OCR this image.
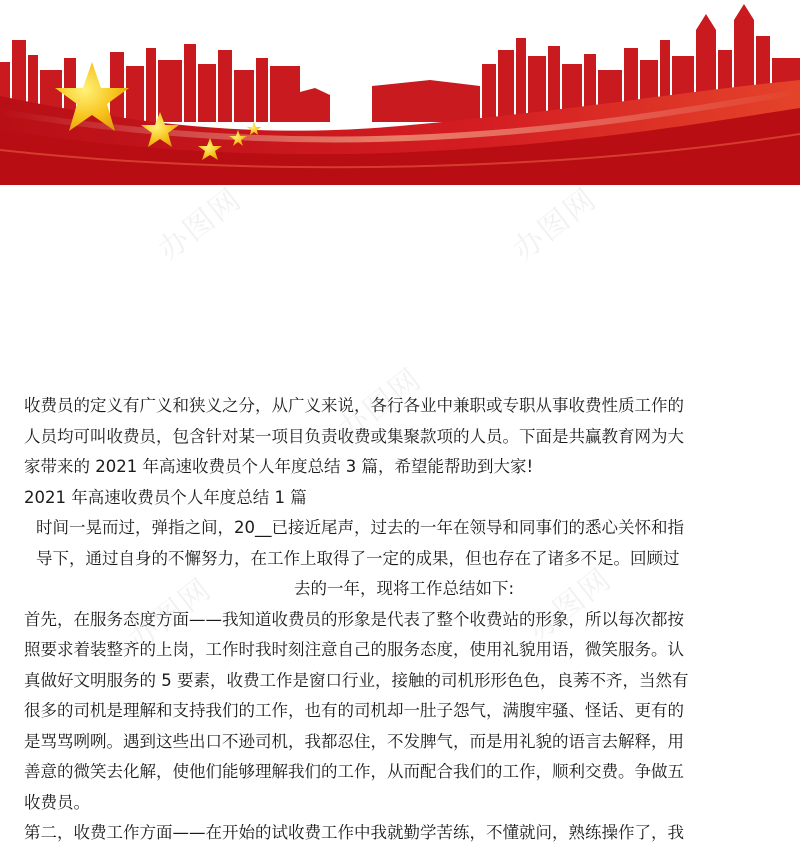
办图网	办图网
办图网
办图网	办图网

收费员的定义有广义和狭义之分，从广义来说，各行各业中兼职或专职从事收费性质工作的

人员均可叫收费员，包含针对某一项目负责收费或集聚款项的人员。下面是共赢教育网为大

家带来的 2021 年高速收费员个人年度总结 3 篇，希望能帮助到大家!

2021 年高速收费员个人年度总结 1 篇

时间一晃而过，弹指之间，20__已接近尾声，过去的一年在领导和同事们的悉心关怀和指

导下，通过自身的不懈努力，在工作上取得了一定的成果，但也存在了诸多不足。回顾过

去的一年，现将工作总结如下:

首先，在服务态度方面——我知道收费员的形象是代表了整个收费站的形象，所以每次都按

照要求着装整齐的上岗，工作时我时刻注意自己的服务态度，使用礼貌用语，微笑服务。认

真做好文明服务的 5 要素，收费工作是窗口行业，接触的司机形形色色，良莠不齐，当然有

很多的司机是理解和支持我们的工作，也有的司机却一肚子怨气，满腹牢骚、怪话、更有的

是骂骂咧咧。遇到这些出口不逊司机，我都忍住，不发脾气，而是用礼貌的语言去解释，用

善意的微笑去化解，使他们能够理解我们的工作，从而配合我们的工作，顺利交费。争做五

收费员。

第二，收费工作方面——在开始的试收费工作中我就勤学苦练，不懂就问，熟练操作了，我
